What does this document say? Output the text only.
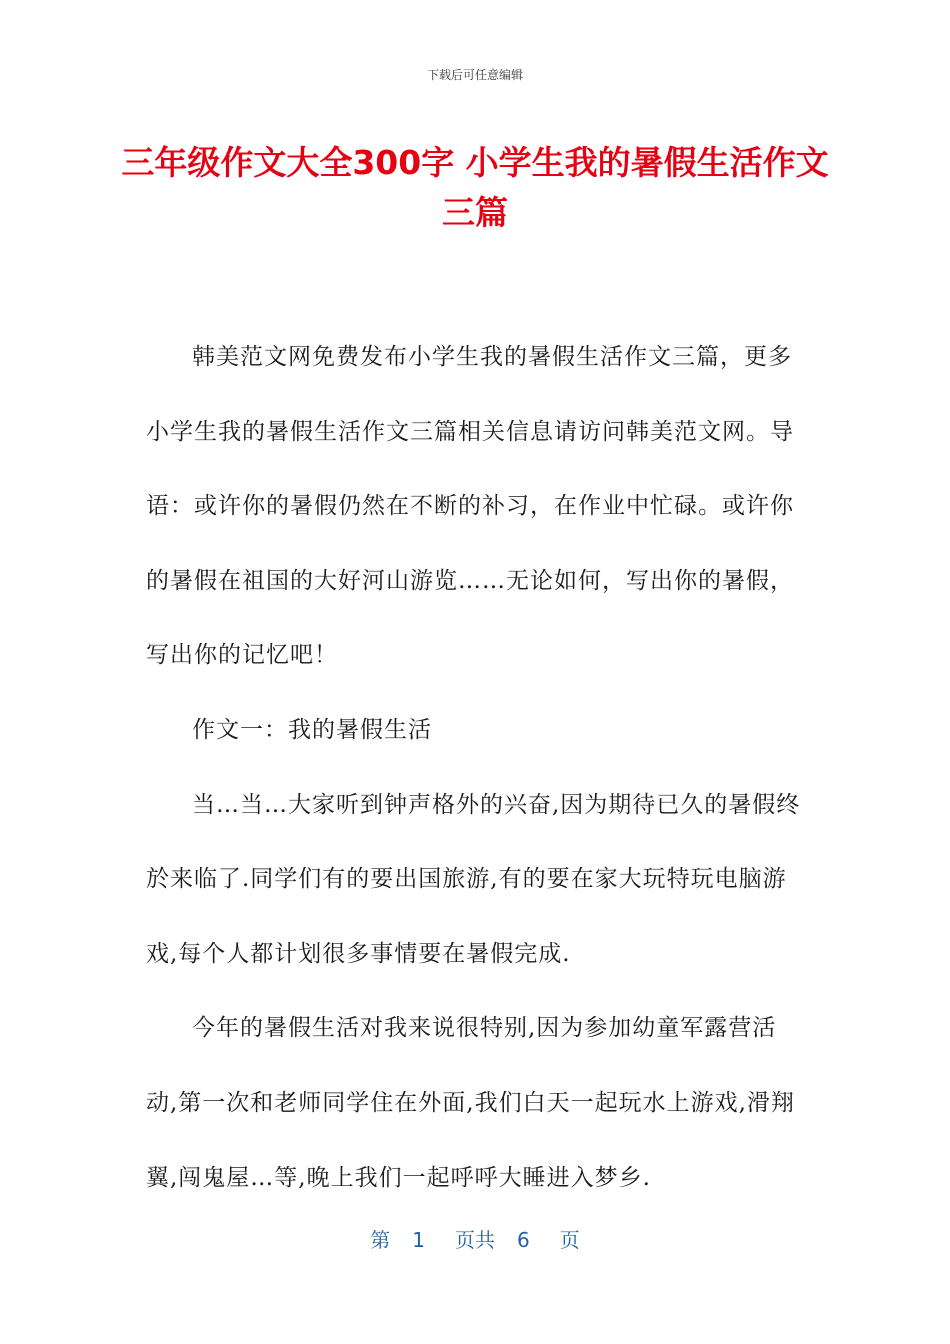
下载后可任意编辑
三年级作文大全300字 小学生我的暑假生活作文三篇

韩美范文网免费发布小学生我的暑假生活作文三篇，更多小学生我的暑假生活作文三篇相关信息请访问韩美范文网。导语：或许你的暑假仍然在不断的补习，在作业中忙碌。或许你的暑假在祖国的大好河山游览……无论如何，写出你的暑假，写出你的记忆吧！

作文一：我的暑假生活

当…当…大家听到钟声格外的兴奋,因为期待已久的暑假终於来临了.同学们有的要出国旅游,有的要在家大玩特玩电脑游戏,每个人都计划很多事情要在暑假完成.

今年的暑假生活对我来说很特别,因为参加幼童军露营活动,第一次和老师同学住在外面,我们白天一起玩水上游戏,滑翔翼,闯鬼屋…等,晚上我们一起呼呼大睡进入梦乡.

第 1 页共 6 页
